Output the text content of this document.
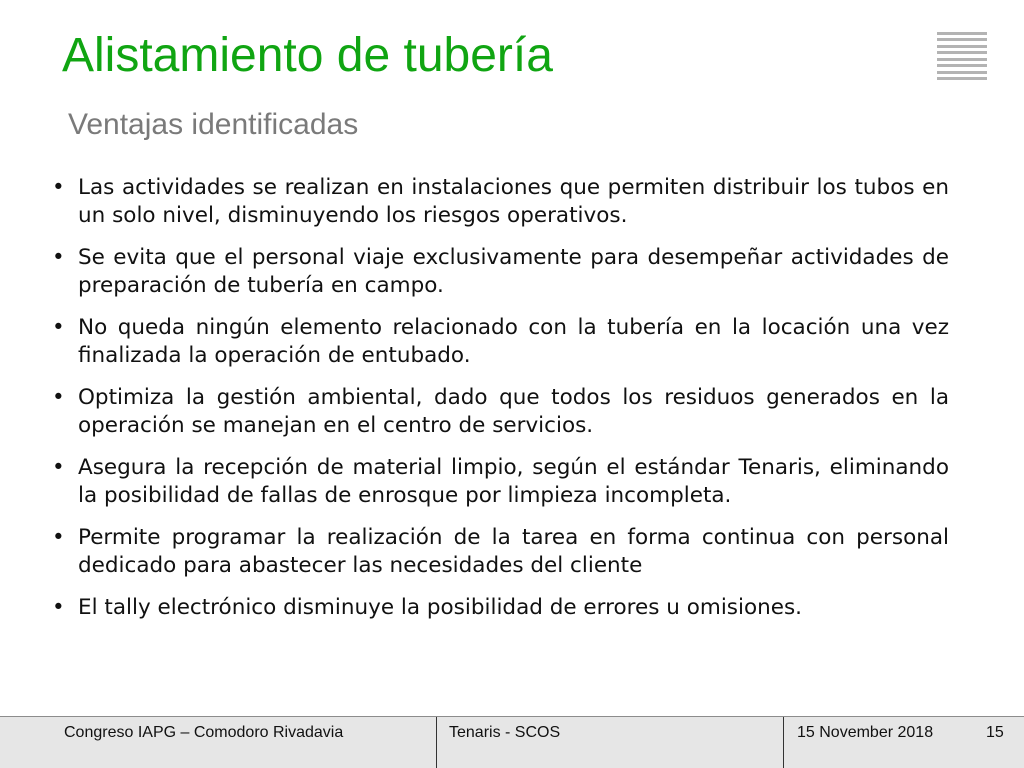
Alistamiento de tubería
Ventajas identificadas
• Las actividades se realizan en instalaciones que permiten distribuir los tubos en un solo nivel, disminuyendo los riesgos operativos.
• Se evita que el personal viaje exclusivamente para desempeñar actividades de preparación de tubería en campo.
• No queda ningún elemento relacionado con la tubería en la locación una vez finalizada la operación de entubado.
• Optimiza la gestión ambiental, dado que todos los residuos generados en la operación se manejan en el centro de servicios.
• Asegura la recepción de material limpio, según el estándar Tenaris, eliminando la posibilidad de fallas de enrosque por limpieza incompleta.
• Permite programar la realización de la tarea en forma continua con personal dedicado para abastecer las necesidades del cliente
• El tally electrónico disminuye la posibilidad de errores u omisiones.
Congreso IAPG – Comodoro Rivadavia	Tenaris - SCOS	15 November 2018	15
